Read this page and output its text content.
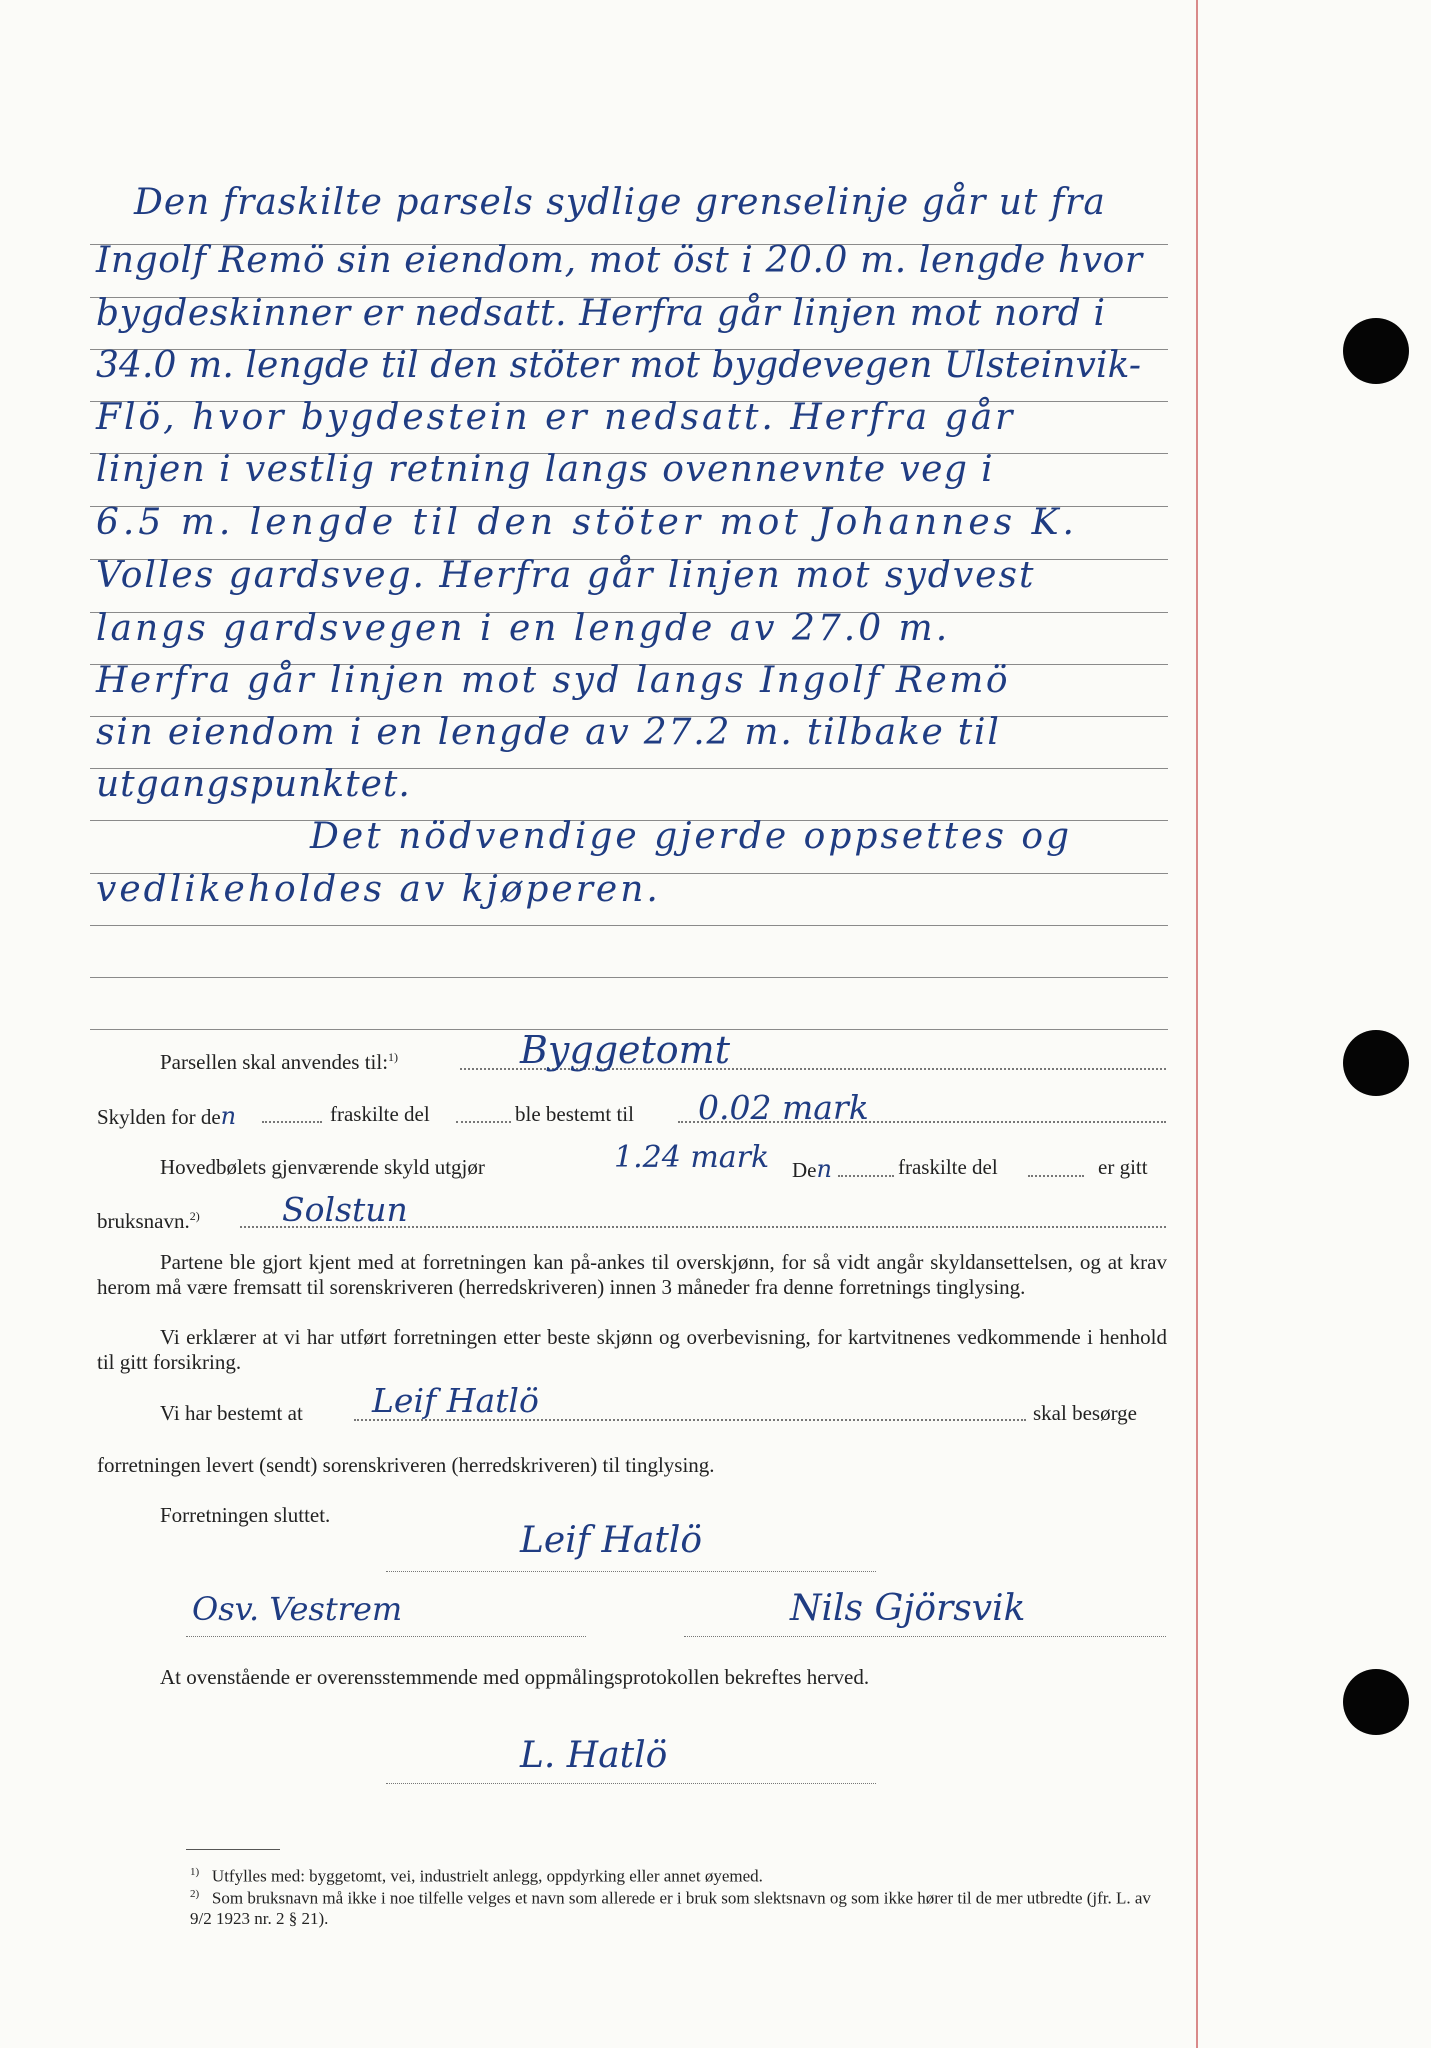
Den fraskilte parsels sydlige grenselinje går ut fra
Ingolf Remö sin eiendom, mot öst i 20.0 m. lengde hvor
bygdeskinner er nedsatt. Herfra går linjen mot nord i
34.0 m. lengde til den stöter mot bygdevegen Ulsteinvik-
Flö, hvor bygdestein er nedsatt. Herfra går
linjen i vestlig retning langs ovennevnte veg i
6.5 m. lengde til den stöter mot Johannes K.
Volles gardsveg. Herfra går linjen mot sydvest
langs gardsvegen i en lengde av 27.0 m.
Herfra går linjen mot syd langs Ingolf Remö
sin eiendom i en lengde av 27.2 m. tilbake til
utgangspunktet.
Det nödvendige gjerde oppsettes og
vedlikeholdes av kjøperen.
Parsellen skal anvendes til:$^{1)}$	Byggetomt
Skylden for den	fraskilte del	ble bestemt til 0.02 mark
Hovedbølets gjenværende skyld utgjør	1.24 mark Den	fraskilte del	er gitt
bruksnavn.$^{2)}$ Solstun
Partene ble gjort kjent med at forretningen kan på-ankes til overskjønn, for så vidt angår skyldansettelsen, og at krav herom må være fremsatt til sorenskriveren (herredskriveren) innen 3 måneder fra denne forretnings tinglysing.
Vi erklærer at vi har utført forretningen etter beste skjønn og overbevisning, for kartvitnenes vedkommende i henhold til gitt forsikring.
Vi har bestemt at Leif Hatlö	skal besørge
forretningen levert (sendt) sorenskriveren (herredskriveren) til tinglysing.
Forretningen sluttet.
Leif Hatlö
Osv. Vestrem	Nils Gjörsvik
At ovenstående er overensstemmende med oppmålingsprotokollen bekreftes herved.
L. Hatlö
$^{1)}$ Utfylles med: byggetomt, vei, industrielt anlegg, oppdyrking eller annet øyemed.
$^{2)}$ Som bruksnavn må ikke i noe tilfelle velges et navn som allerede er i bruk som slektsnavn og som ikke hører til de mer utbredte (jfr. L. av 9/2 1923 nr. 2 § 21).
